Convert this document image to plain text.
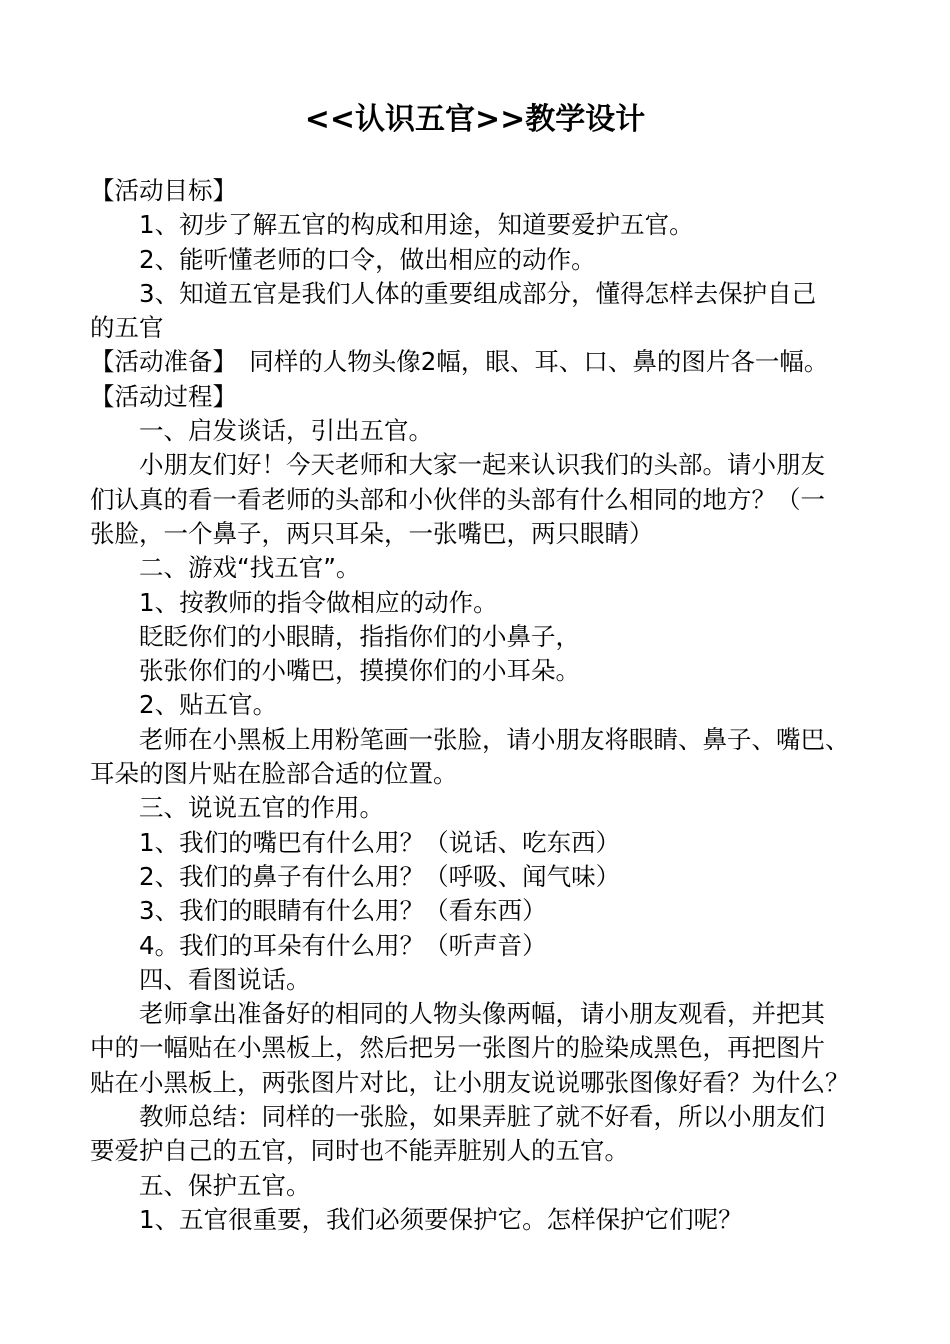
<<认识五官>>教学设计
【活动目标】
1、初步了解五官的构成和用途，知道要爱护五官。
2、能听懂老师的口令，做出相应的动作。
3、知道五官是我们人体的重要组成部分，懂得怎样去保护自己
的五官
【活动准备】　同样的人物头像2幅，眼、耳、口、鼻的图片各一幅。
【活动过程】
一、启发谈话，引出五官。
小朋友们好！今天老师和大家一起来认识我们的头部。请小朋友
们认真的看一看老师的头部和小伙伴的头部有什么相同的地方？（一
张脸，一个鼻子，两只耳朵，一张嘴巴，两只眼睛）
二、游戏“找五官”。
1、按教师的指令做相应的动作。
眨眨你们的小眼睛，指指你们的小鼻子，
张张你们的小嘴巴，摸摸你们的小耳朵。
2、贴五官。
老师在小黑板上用粉笔画一张脸，请小朋友将眼睛、鼻子、嘴巴、
耳朵的图片贴在脸部合适的位置。
三、说说五官的作用。
1、我们的嘴巴有什么用？（说话、吃东西）
2、我们的鼻子有什么用？（呼吸、闻气味）
3、我们的眼睛有什么用？（看东西）
4。我们的耳朵有什么用？（听声音）
四、看图说话。
老师拿出准备好的相同的人物头像两幅，请小朋友观看，并把其
中的一幅贴在小黑板上，然后把另一张图片的脸染成黑色，再把图片
贴在小黑板上，两张图片对比，让小朋友说说哪张图像好看？为什么？
教师总结：同样的一张脸，如果弄脏了就不好看，所以小朋友们
要爱护自己的五官，同时也不能弄脏别人的五官。
五、保护五官。
1、五官很重要，我们必须要保护它。怎样保护它们呢？
